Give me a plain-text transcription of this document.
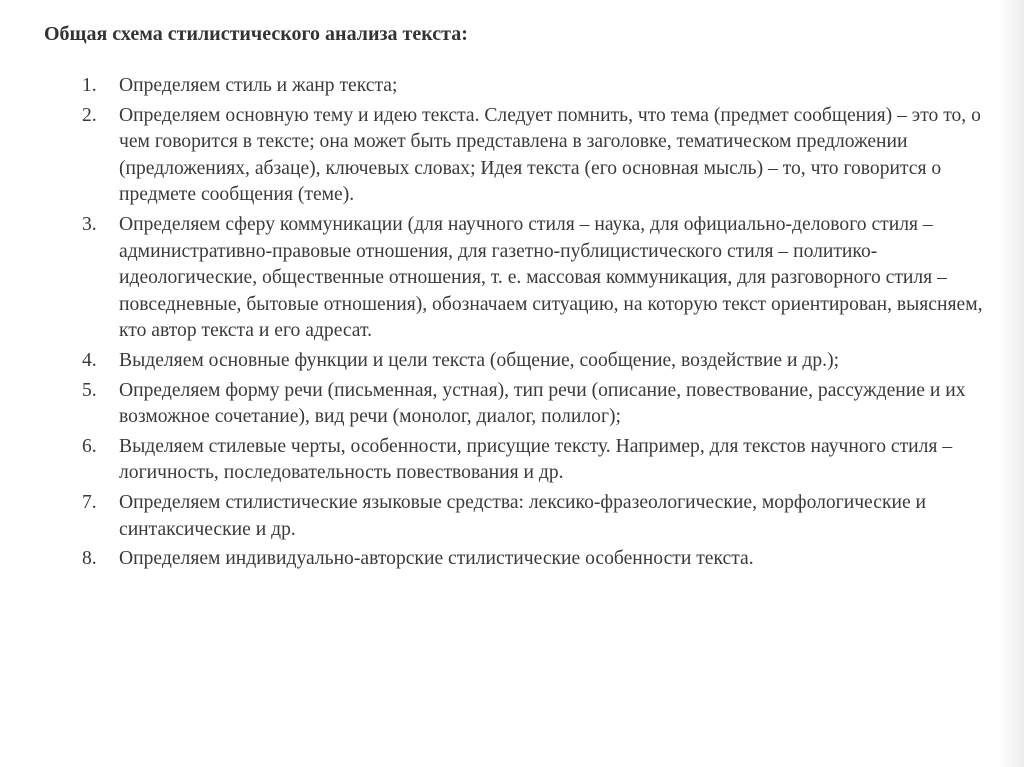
Общая схема стилистического анализа текста:
1. Определяем стиль и жанр текста;
2. Определяем основную тему и идею текста. Следует помнить, что тема (предмет сообщения) – это то, о чем говорится в тексте; она может быть представлена в заголовке, тематическом предложении (предложениях, абзаце), ключевых словах; Идея текста (его основная мысль) – то, что говорится о предмете сообщения (теме).
3. Определяем сферу коммуникации (для научного стиля – наука, для официально-делового стиля – административно-правовые отношения, для газетно-публицистического стиля – политико-идеологические, общественные отношения, т. е. массовая коммуникация, для разговорного стиля – повседневные, бытовые отношения), обозначаем ситуацию, на которую текст ориентирован, выясняем, кто автор текста и его адресат.
4. Выделяем основные функции и цели текста (общение, сообщение, воздействие и др.);
5. Определяем форму речи (письменная, устная), тип речи (описание, повествование, рассуждение и их возможное сочетание), вид речи (монолог, диалог, полилог);
6. Выделяем стилевые черты, особенности, присущие тексту. Например, для текстов научного стиля – логичность, последовательность повествования и др.
7. Определяем стилистические языковые средства: лексико-фразеологические, морфологические и синтаксические и др.
8. Определяем индивидуально-авторские стилистические особенности текста.
